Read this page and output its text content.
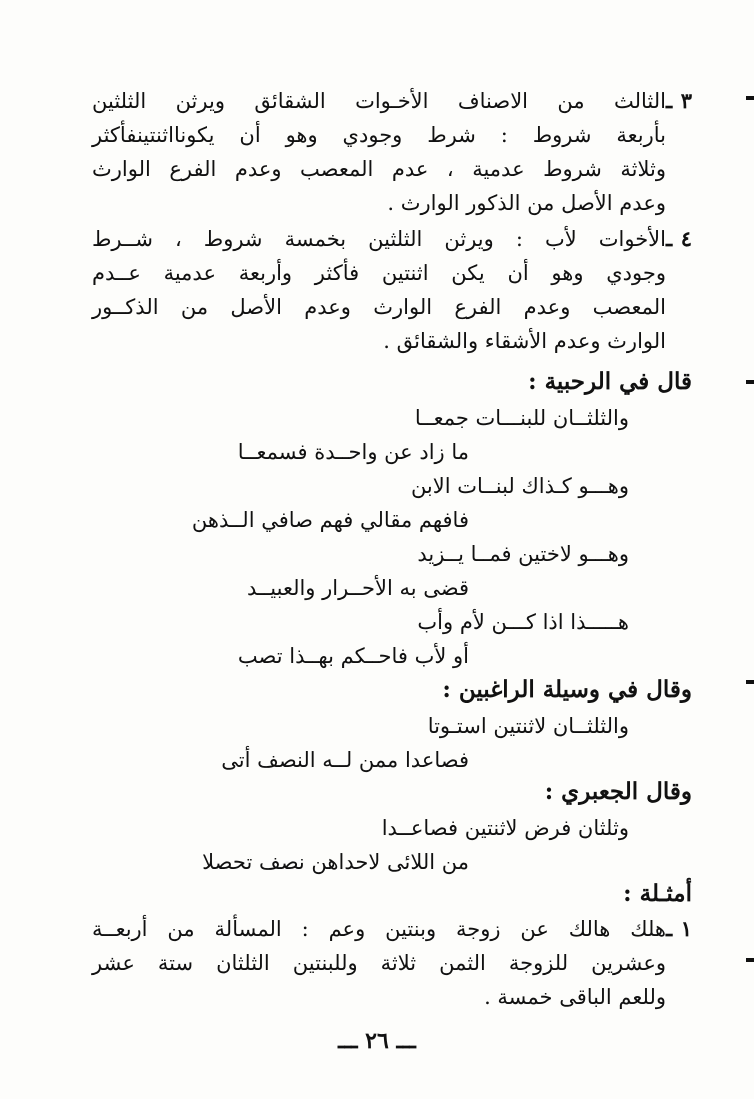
٣ ـالثالث من الاصناف الأخـوات الشقائق ويرثن الثلثين
بأربعة شروط : شرط وجودي وهو أن يكونااثنتينفأكثر
وثلاثة شروط عدمية ، عدم المعصب وعدم الفرع الوارث
وعدم الأصل من الذكور الوارث .
٤ ـالأخوات لأب : ويرثن الثلثين بخمسة شروط ، شــرط
وجودي وهو أن يكن اثنتين فأكثر وأربعة عدمية عــدم
المعصب وعدم الفرع الوارث وعدم الأصل من الذكــور
الوارث وعدم الأشقاء والشقائق .
قال في الرحبية :
والثلثــان للبنـــات جمعــا
ما زاد عن واحــدة فسمعــا
وهـــو كـذاك لبنــات الابن
فافهم مقالي فهم صافي الــذهن
وهـــو لاختين فمــا يــزيد
قضى به الأحــرار والعبيــد
هـــــذا اذا كـــن لأم وأب
أو لأب فاحــكم بهــذا تصب
وقال في وسيلة الراغبين :
والثلثــان لاثنتين استـوتا
فصاعدا ممن لــه النصف أتى
وقال الجعبري :
وثلثان فرض لاثنتين فصاعــدا
من اللائى لاحداهن نصف تحصلا
أمثـلة :
١ ـهلك هالك عن زوجة وبنتين وعم : المسألة من أربعــة
وعشرين للزوجة الثمن ثلاثة وللبنتين الثلثان ستة عشر
وللعم الباقى خمسة .
ـــ ٢٦ ـــ
